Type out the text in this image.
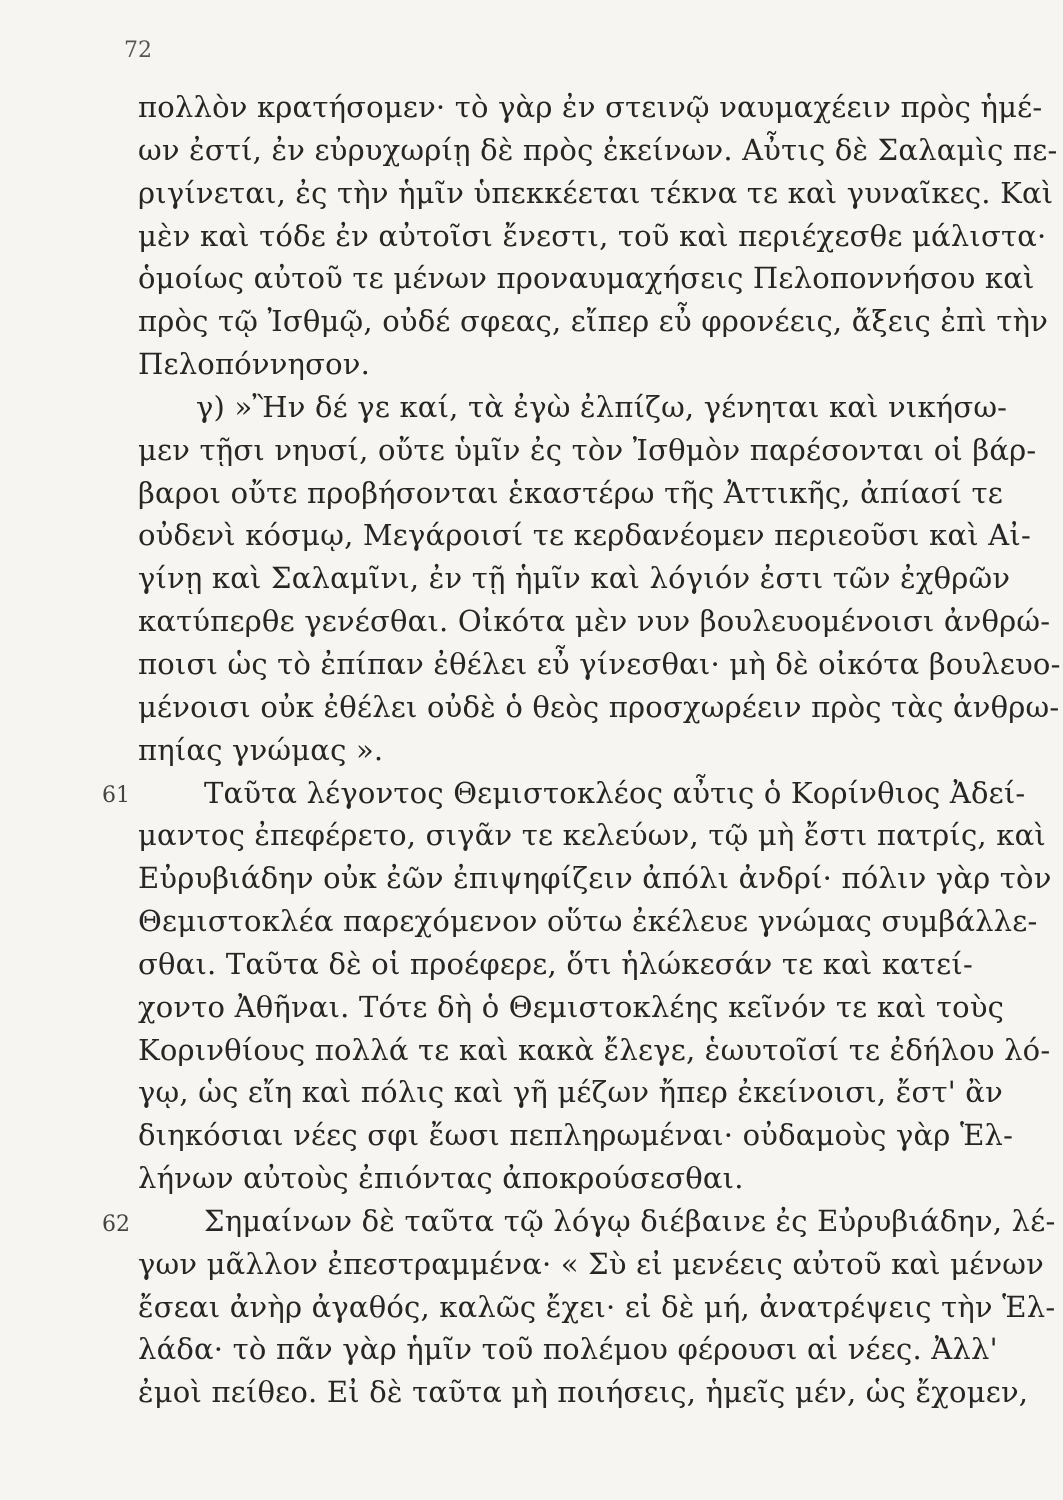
72
πολλὸν κρατήσομεν· τὸ γὰρ ἐν στεινῷ ναυμαχέειν πρὸς ἡμέ-
ων ἐστί, ἐν εὐρυχωρίῃ δὲ πρὸς ἐκείνων. Αὖτις δὲ Σαλαμὶς πε-
ριγίνεται, ἐς τὴν ἡμῖν ὑπεκκέεται τέκνα τε καὶ γυναῖκες. Καὶ
μὲν καὶ τόδε ἐν αὐτοῖσι ἔνεστι, τοῦ καὶ περιέχεσθε μάλιστα·
ὁμοίως αὐτοῦ τε μένων προναυμαχήσεις Πελοποννήσου καὶ
πρὸς τῷ Ἰσθμῷ, οὐδέ σφεας, εἴπερ εὖ φρονέεις, ἄξεις ἐπὶ τὴν
Πελοπόννησον.
γ) »Ἢν δέ γε καί, τὰ ἐγὼ ἐλπίζω, γένηται καὶ νικήσω-
μεν τῇσι νηυσί, οὔτε ὑμῖν ἐς τὸν Ἰσθμὸν παρέσονται οἱ βάρ-
βαροι οὔτε προβήσονται ἑκαστέρω τῆς Ἀττικῆς, ἀπίασί τε
οὐδενὶ κόσμῳ, Μεγάροισί τε κερδανέομεν περιεοῦσι καὶ Αἰ-
γίνῃ καὶ Σαλαμῖνι, ἐν τῇ ἡμῖν καὶ λόγιόν ἐστι τῶν ἐχθρῶν
κατύπερθε γενέσθαι. Οἰκότα μὲν νυν βουλευομένοισι ἀνθρώ-
ποισι ὡς τὸ ἐπίπαν ἐθέλει εὖ γίνεσθαι· μὴ δὲ οἰκότα βουλευο-
μένοισι οὐκ ἐθέλει οὐδὲ ὁ θεὸς προσχωρέειν πρὸς τὰς ἀνθρω-
πηίας γνώμας ».
Ταῦτα λέγοντος Θεμιστοκλέος αὖτις ὁ Κορίνθιος Ἀδεί-
μαντος ἐπεφέρετο, σιγᾶν τε κελεύων, τῷ μὴ ἔστι πατρίς, καὶ
Εὐρυβιάδην οὐκ ἐῶν ἐπιψηφίζειν ἀπόλι ἀνδρί· πόλιν γὰρ τὸν
Θεμιστοκλέα παρεχόμενον οὕτω ἐκέλευε γνώμας συμβάλλε-
σθαι. Ταῦτα δὲ οἱ προέφερε, ὅτι ἡλώκεσάν τε καὶ κατεί-
χοντο Ἀθῆναι. Τότε δὴ ὁ Θεμιστοκλέης κεῖνόν τε καὶ τοὺς
Κορινθίους πολλά τε καὶ κακὰ ἔλεγε, ἑωυτοῖσί τε ἐδήλου λό-
γῳ, ὡς εἴη καὶ πόλις καὶ γῆ μέζων ἤπερ ἐκείνοισι, ἔστ' ἂν
διηκόσιαι νέες σφι ἔωσι πεπληρωμέναι· οὐδαμοὺς γὰρ Ἑλ-
λήνων αὐτοὺς ἐπιόντας ἀποκρούσεσθαι.
Σημαίνων δὲ ταῦτα τῷ λόγῳ διέβαινε ἐς Εὐρυβιάδην, λέ-
γων μᾶλλον ἐπεστραμμένα· « Σὺ εἰ μενέεις αὐτοῦ καὶ μένων
ἔσεαι ἀνὴρ ἀγαθός, καλῶς ἔχει· εἰ δὲ μή, ἀνατρέψεις τὴν Ἑλ-
λάδα· τὸ πᾶν γὰρ ἡμῖν τοῦ πολέμου φέρουσι αἱ νέες. Ἀλλ'
ἐμοὶ πείθεο. Εἰ δὲ ταῦτα μὴ ποιήσεις, ἡμεῖς μέν, ὡς ἔχομεν,
61
62
